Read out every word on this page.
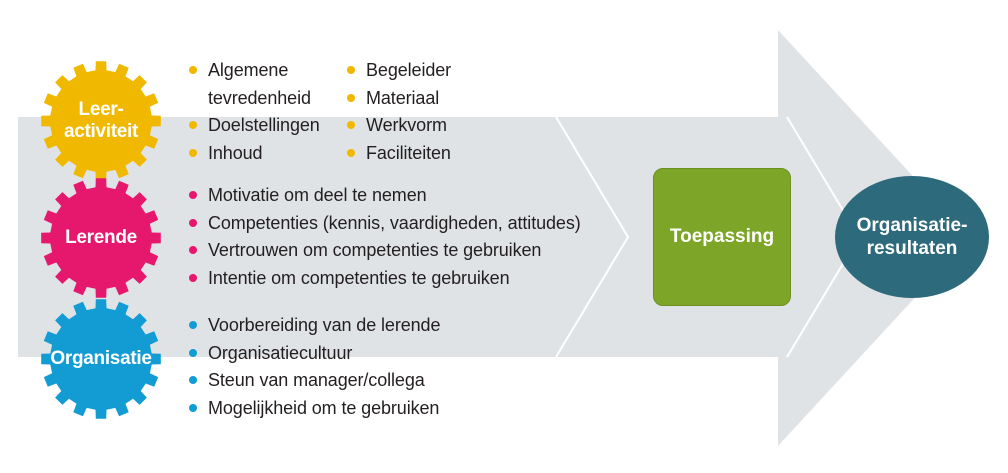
Leer-
activiteit
Lerende
Organisatie
Algemene
tevredenheid
Doelstellingen
Inhoud
Begeleider
Materiaal
Werkvorm
Faciliteiten
Motivatie om deel te nemen
Competenties (kennis, vaardigheden, attitudes)
Vertrouwen om competenties te gebruiken
Intentie om competenties te gebruiken
Voorbereiding van de lerende
Organisatiecultuur
Steun van manager/collega
Mogelijkheid om te gebruiken
Toepassing
Organisatie-
resultaten
